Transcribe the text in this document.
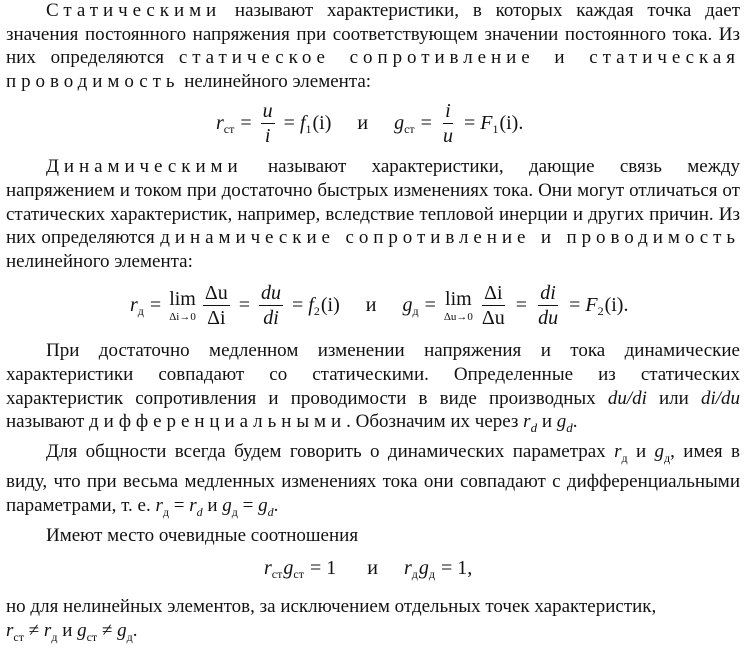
Статическими называют характеристики, в которых каждая точка дает значения постоянного напряжения при соответствующем значении постоянного тока. Из них определяются статическое сопротивление и статическая проводимость нелинейного элемента:

r ст = $\frac{u}{i} = f$ 1 (i) и g ст = $\frac{i}{u} = F$ 1 (i).

Динамическими называют характеристики, дающие связь между напряжением и током при достаточно быстрых изменениях тока. Они могут отличаться от статических характеристик, например, вследствие тепловой инерции и других причин. Из них определяются динамические сопротивление и проводимость нелинейного элемента:

r д = lim
$\Delta i\to 0 \frac{\Delta u}{\Delta i} = \frac{du}{di} = f$ 2 (i) и g д = lim
$\Delta u\to 0 \frac{\Delta i}{\Delta u} = \frac{di}{du} = F$ 2 (i).

При достаточно медленном изменении напряжения и тока динамические характеристики совпадают со статическими. Определенные из статических характеристик сопротивления и проводимости в виде производных du/di или di/du называют дифференциальными. Обозначим их через $r_d$ и $g_d$.

Для общности всегда будем говорить о динамических параметрах $r_д$ и $g_д$, имея в виду, что при весьма медленных изменениях тока они совпадают с дифференциальными параметрами, т. е. $r_д = r_d$ и $g_д = g_d$.

Имеют место очевидные соотношения

r ст g ст = 1 и r д g д = 1,

но для нелинейных элементов, за исключением отдельных точек характеристик,
$r_{ст} \ne r_д$ и $g_{ст} \ne g_д$.
